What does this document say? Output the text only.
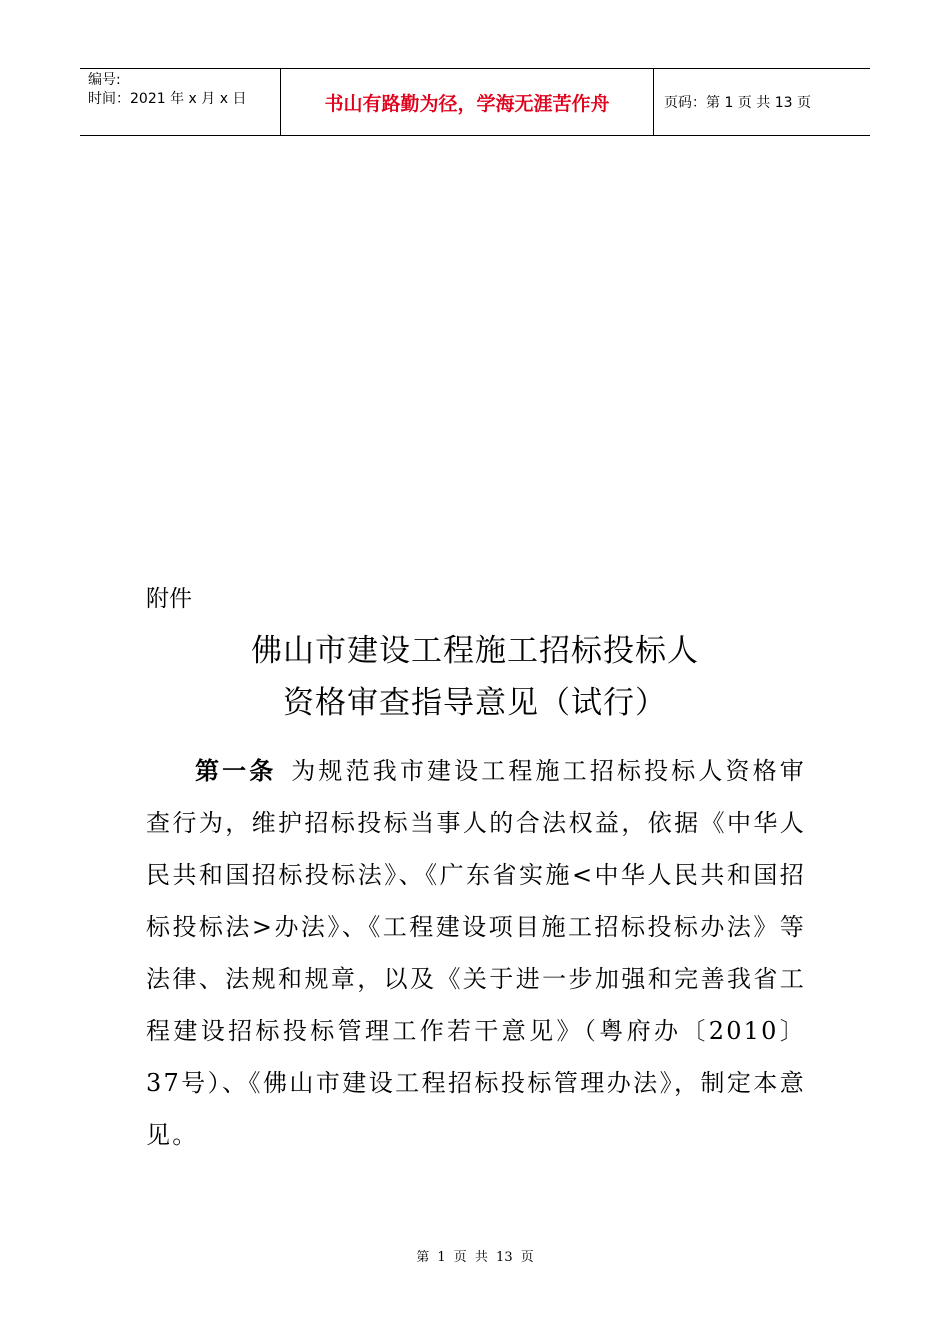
编号:
时间：2021 年 x 月 x 日	书山有路勤为径，学海无涯苦作舟	页码：第 1 页 共 13 页
附件
佛山市建设工程施工招标投标人
资格审查指导意见（试行）
第一条 为规范我市建设工程施工招标投标人资格审查行为，维护招标投标当事人的合法权益，依据《中华人民共和国招标投标法》、《广东省实施<中华人民共和国招标投标法>办法》、《工程建设项目施工招标投标办法》等法律、法规和规章，以及《关于进一步加强和完善我省工程建设招标投标管理工作若干意见》（粤府办〔2010〕37号）、《佛山市建设工程招标投标管理办法》，制定本意见。
第 1 页 共 13 页
